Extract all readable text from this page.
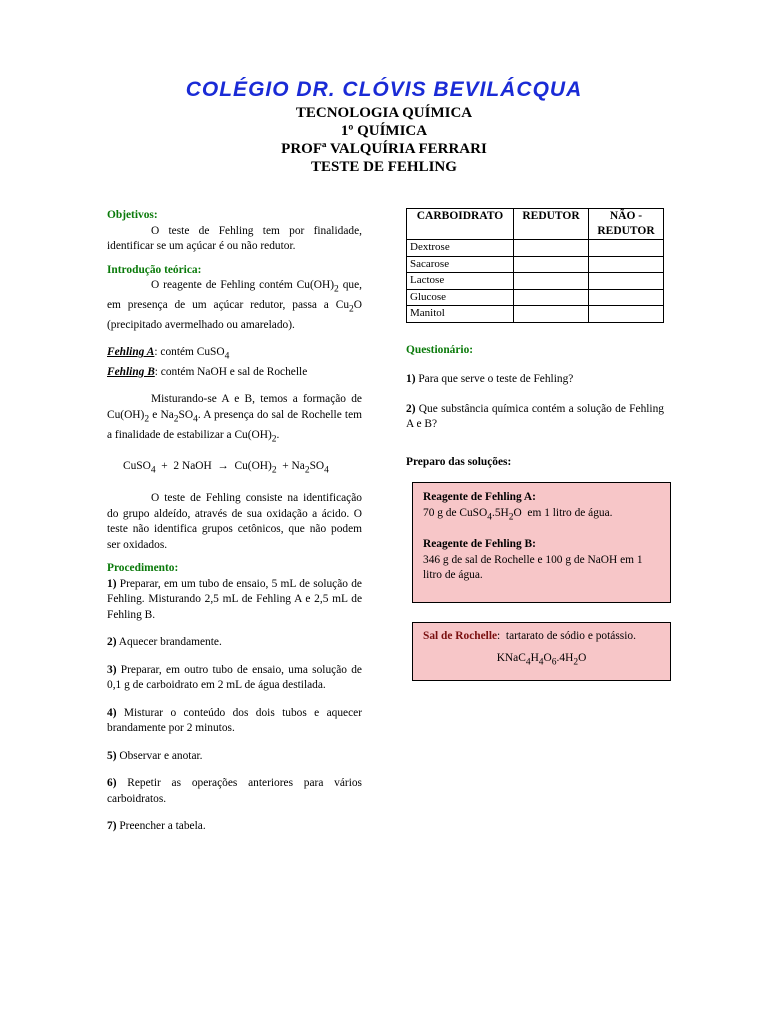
COLÉGIO DR. CLÓVIS BEVILÁCQUA
TECNOLOGIA QUÍMICA
1º QUÍMICA
PROFª VALQUÍRIA FERRARI
TESTE DE FEHLING
Objetivos:
O teste de Fehling tem por finalidade, identificar se um açúcar é ou não redutor.
Introdução teórica:
O reagente de Fehling contém $Cu(OH)_2$ que, em presença de um açúcar redutor, passa a $Cu_2O$ (precipitado avermelhado ou amarelado).
Fehling A: contém CuSO$_4$
Fehling B: contém NaOH e sal de Rochelle
Misturando-se A e B, temos a formação de $Cu(OH)_2$ e $Na_2SO_4$. A presença do sal de Rochelle tem a finalidade de estabilizar a $Cu(OH)_2$.
CuSO$_4$  +  2 NaOH  →  $Cu(OH)_2 + Na_2SO_4$
O teste de Fehling consiste na identificação do grupo aldeído, através de sua oxidação a ácido. O teste não identifica grupos cetônicos, que não podem ser oxidados.
Procedimento:
1) Preparar, em um tubo de ensaio, 5 mL de solução de Fehling. Misturando 2,5 mL de Fehling A e 2,5 mL de Fehling B.
2) Aquecer brandamente.
3) Preparar, em outro tubo de ensaio, uma solução de 0,1 g de carboidrato em 2 mL de água destilada.
4) Misturar o conteúdo dos dois tubos e aquecer brandamente por 2 minutos.
5) Observar e anotar.
6) Repetir as operações anteriores para vários carboidratos.
7) Preencher a tabela.
CARBOIDRATO	REDUTOR	NÃO -REDUTOR
Dextrose		
Sacarose		
Lactose		
Glucose		
Manitol		
Questionário:
1) Para que serve o teste de Fehling?
2) Que substância química contém a solução de Fehling A e B?
Preparo das soluções:
Reagente de Fehling A:
70 g de $CuSO_4.5H_2O$  em 1 litro de água.
Reagente de Fehling B:
346 g de sal de Rochelle e 100 g de NaOH em 1 litro de água.
Sal de Rochelle:  tartarato de sódio e potássio.
$KNaC_4H_4O_6.4H_2O$
